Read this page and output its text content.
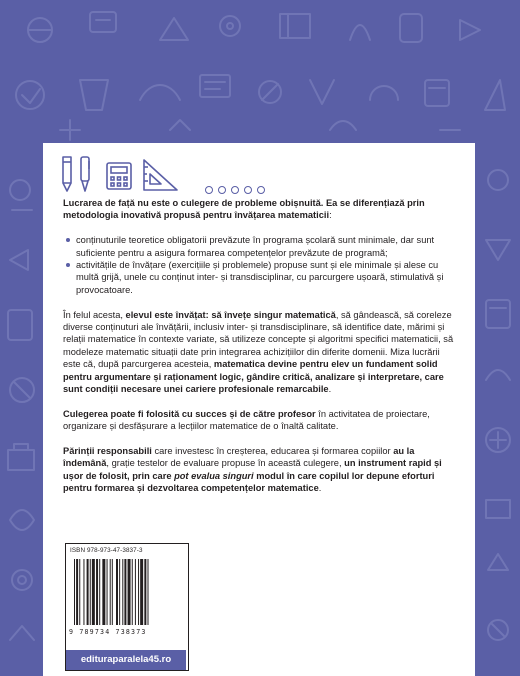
Lucrarea de față nu este o culegere de probleme obișnuită. Ea se diferențiază prin metodologia inovativă propusă pentru învățarea matematicii:

conținuturile teoretice obligatorii prevăzute în programa școlară sunt minimale, dar sunt suficiente pentru a asigura formarea competențelor prevăzute de programă;
activitățile de învățare (exercițiile și problemele) propuse sunt și ele minimale și alese cu multă grijă, unele cu conținut inter- și transdisciplinar, cu parcurgere ușoară, stimulativă și provocatoare.

În felul acesta, elevul este învățat: să învețe singur matematică, să gândească, să coreleze diverse conținuturi ale învățării, inclusiv inter- și transdisciplinare, să identifice date, mărimi și relații matematice în contexte variate, să utilizeze concepte și algoritmi specifici matematicii, să modeleze matematic situații date prin integrarea achizițiilor din diferite domenii. Miza lucrării este că, după parcurgerea acesteia, matematica devine pentru elev un fundament solid pentru argumentare și raționament logic, gândire critică, analizare și interpretare, care sunt condiții necesare unei cariere profesionale remarcabile.

Culegerea poate fi folosită cu succes și de către profesor în activitatea de proiectare, organizare și desfășurare a lecțiilor matematice de o înaltă calitate.

Părinții responsabili care investesc în creșterea, educarea și formarea copiilor au la îndemână, grație testelor de evaluare propuse în această culegere, un instrument rapid și ușor de folosit, prin care pot evalua singuri modul în care copilul lor depune eforturi pentru formarea și dezvoltarea competențelor matematice.

ISBN 978-973-47-3837-3
9 789734 738373
edituraparalela45.ro
